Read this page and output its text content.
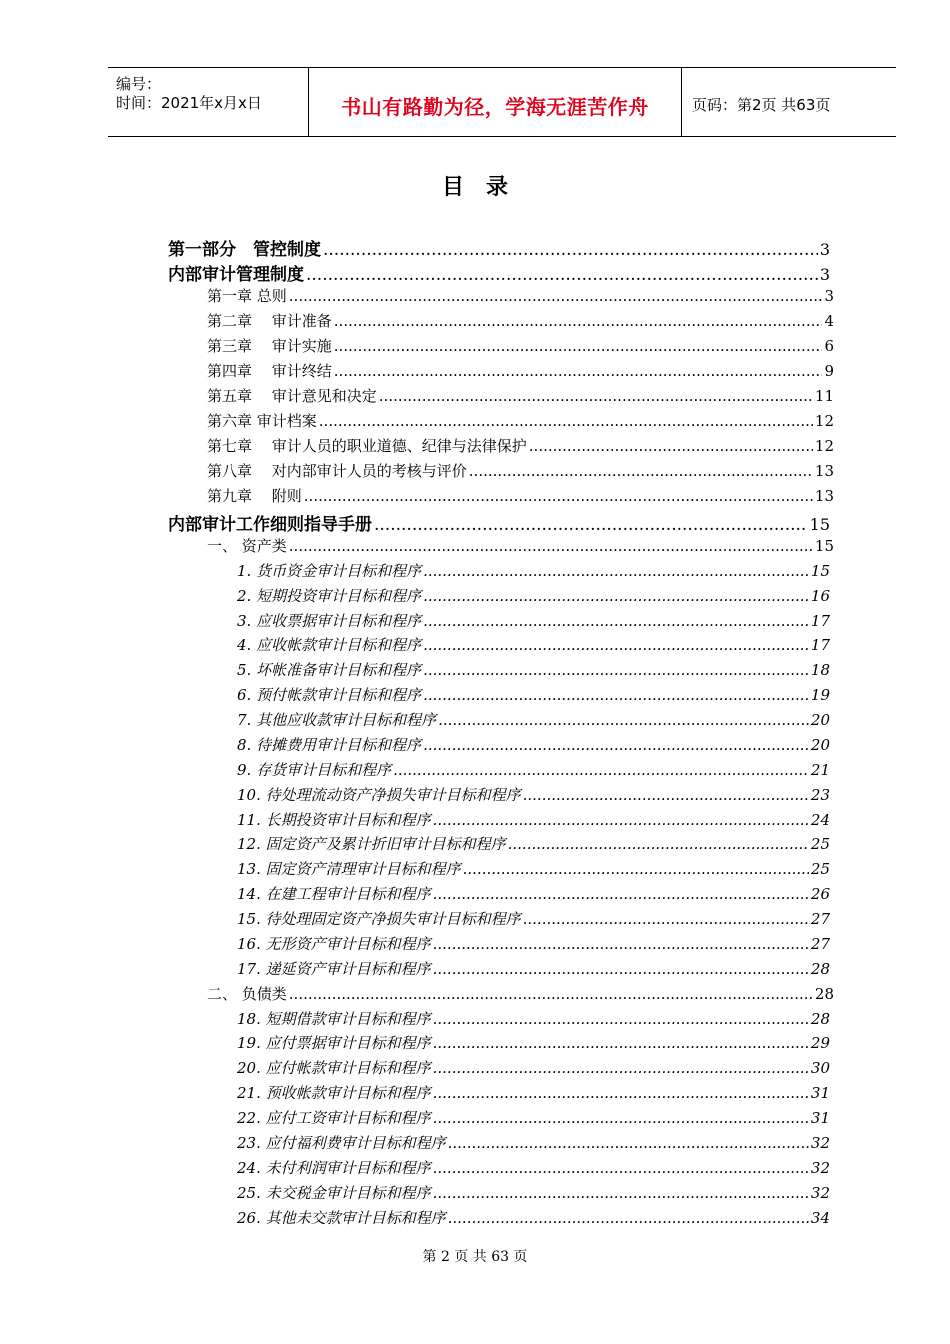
编号：
时间：2021年x月x日	书山有路勤为径，学海无涯苦作舟	页码：第2页 共63页
目录
第一部分　管控制度 .....	3
内部审计管理制度 .....	3
第一章 总则 .....	3
第二章　 审计准备 .....	4
第三章　 审计实施 .....	6
第四章　 审计终结 .....	9
第五章　 审计意见和决定 .....	11
第六章 审计档案 .....	12
第七章　 审计人员的职业道德、纪律与法律保护 .....	12
第八章　 对内部审计人员的考核与评价 .....	13
第九章　 附则 .....	13
内部审计工作细则指导手册 .....	15
一、 资产类 .....	15
1. 货币资金审计目标和程序 .....	15
2. 短期投资审计目标和程序 .....	16
3. 应收票据审计目标和程序 .....	17
4. 应收帐款审计目标和程序 .....	17
5. 坏帐准备审计目标和程序 .....	18
6. 预付帐款审计目标和程序 .....	19
7. 其他应收款审计目标和程序 .....	20
8. 待摊费用审计目标和程序 .....	20
9. 存货审计目标和程序 .....	21
10. 待处理流动资产净损失审计目标和程序 .....	23
11. 长期投资审计目标和程序 .....	24
12. 固定资产及累计折旧审计目标和程序 .....	25
13. 固定资产清理审计目标和程序 .....	25
14. 在建工程审计目标和程序 .....	26
15. 待处理固定资产净损失审计目标和程序 .....	27
16. 无形资产审计目标和程序 .....	27
17. 递延资产审计目标和程序 .....	28
二、 负债类 .....	28
18. 短期借款审计目标和程序 .....	28
19. 应付票据审计目标和程序 .....	29
20. 应付帐款审计目标和程序 .....	30
21. 预收帐款审计目标和程序 .....	31
22. 应付工资审计目标和程序 .....	31
23. 应付福利费审计目标和程序 .....	32
24. 未付利润审计目标和程序 .....	32
25. 未交税金审计目标和程序 .....	32
26. 其他未交款审计目标和程序 .....	34
第 2 页 共 63 页
